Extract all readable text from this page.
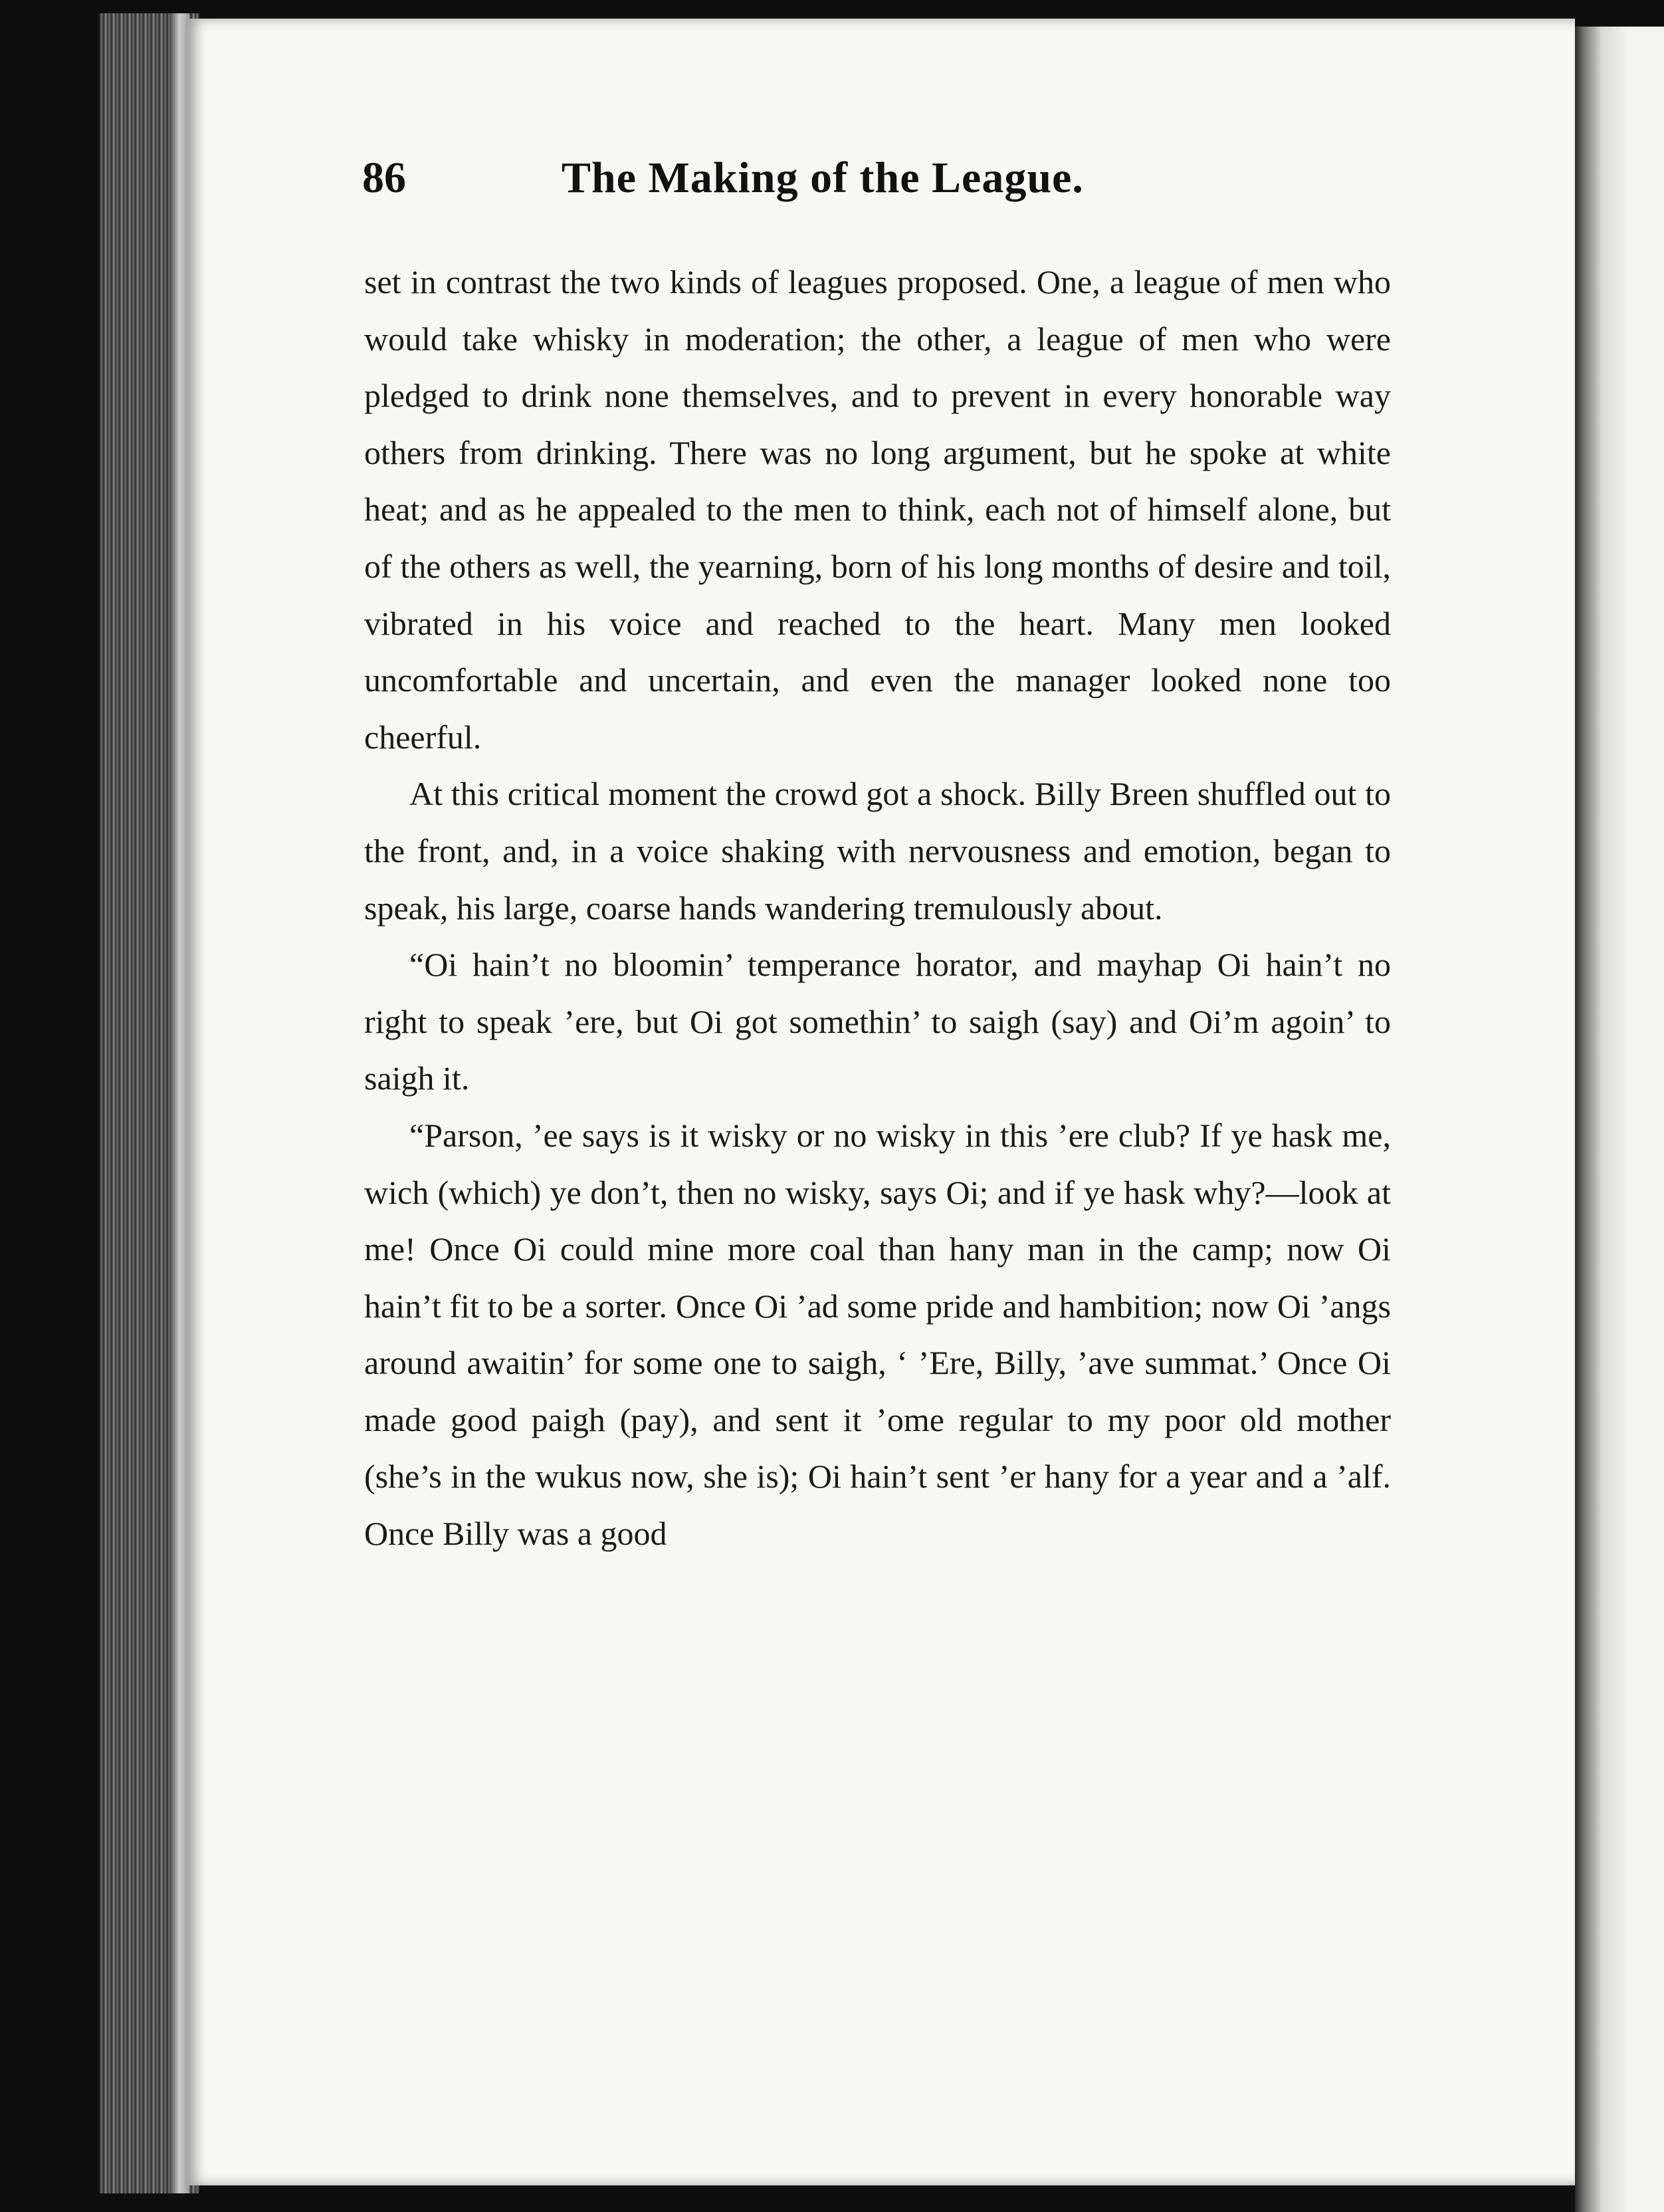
86	The Making of the League.

set in contrast the two kinds of leagues proposed. One, a league of men who would take whisky in moderation; the other, a league of men who were pledged to drink none themselves, and to prevent in every honorable way others from drinking. There was no long argument, but he spoke at white heat; and as he appealed to the men to think, each not of himself alone, but of the others as well, the yearning, born of his long months of desire and toil, vibrated in his voice and reached to the heart. Many men looked uncomfortable and uncertain, and even the manager looked none too cheerful.

At this critical moment the crowd got a shock. Billy Breen shuffled out to the front, and, in a voice shaking with nervousness and emotion, began to speak, his large, coarse hands wandering tremulously about.

“Oi hain’t no bloomin’ temperance horator, and mayhap Oi hain’t no right to speak ’ere, but Oi got somethin’ to saigh (say) and Oi’m agoin’ to saigh it.

“Parson, ’ee says is it wisky or no wisky in this ’ere club? If ye hask me, wich (which) ye don’t, then no wisky, says Oi; and if ye hask why?—look at me! Once Oi could mine more coal than hany man in the camp; now Oi hain’t fit to be a sorter. Once Oi ’ad some pride and hambition; now Oi ’angs around awaitin’ for some one to saigh, ‘ ’Ere, Billy, ’ave summat.’ Once Oi made good paigh (pay), and sent it ’ome regular to my poor old mother (she’s in the wukus now, she is); Oi hain’t sent ’er hany for a year and a ’alf. Once Billy was a good
